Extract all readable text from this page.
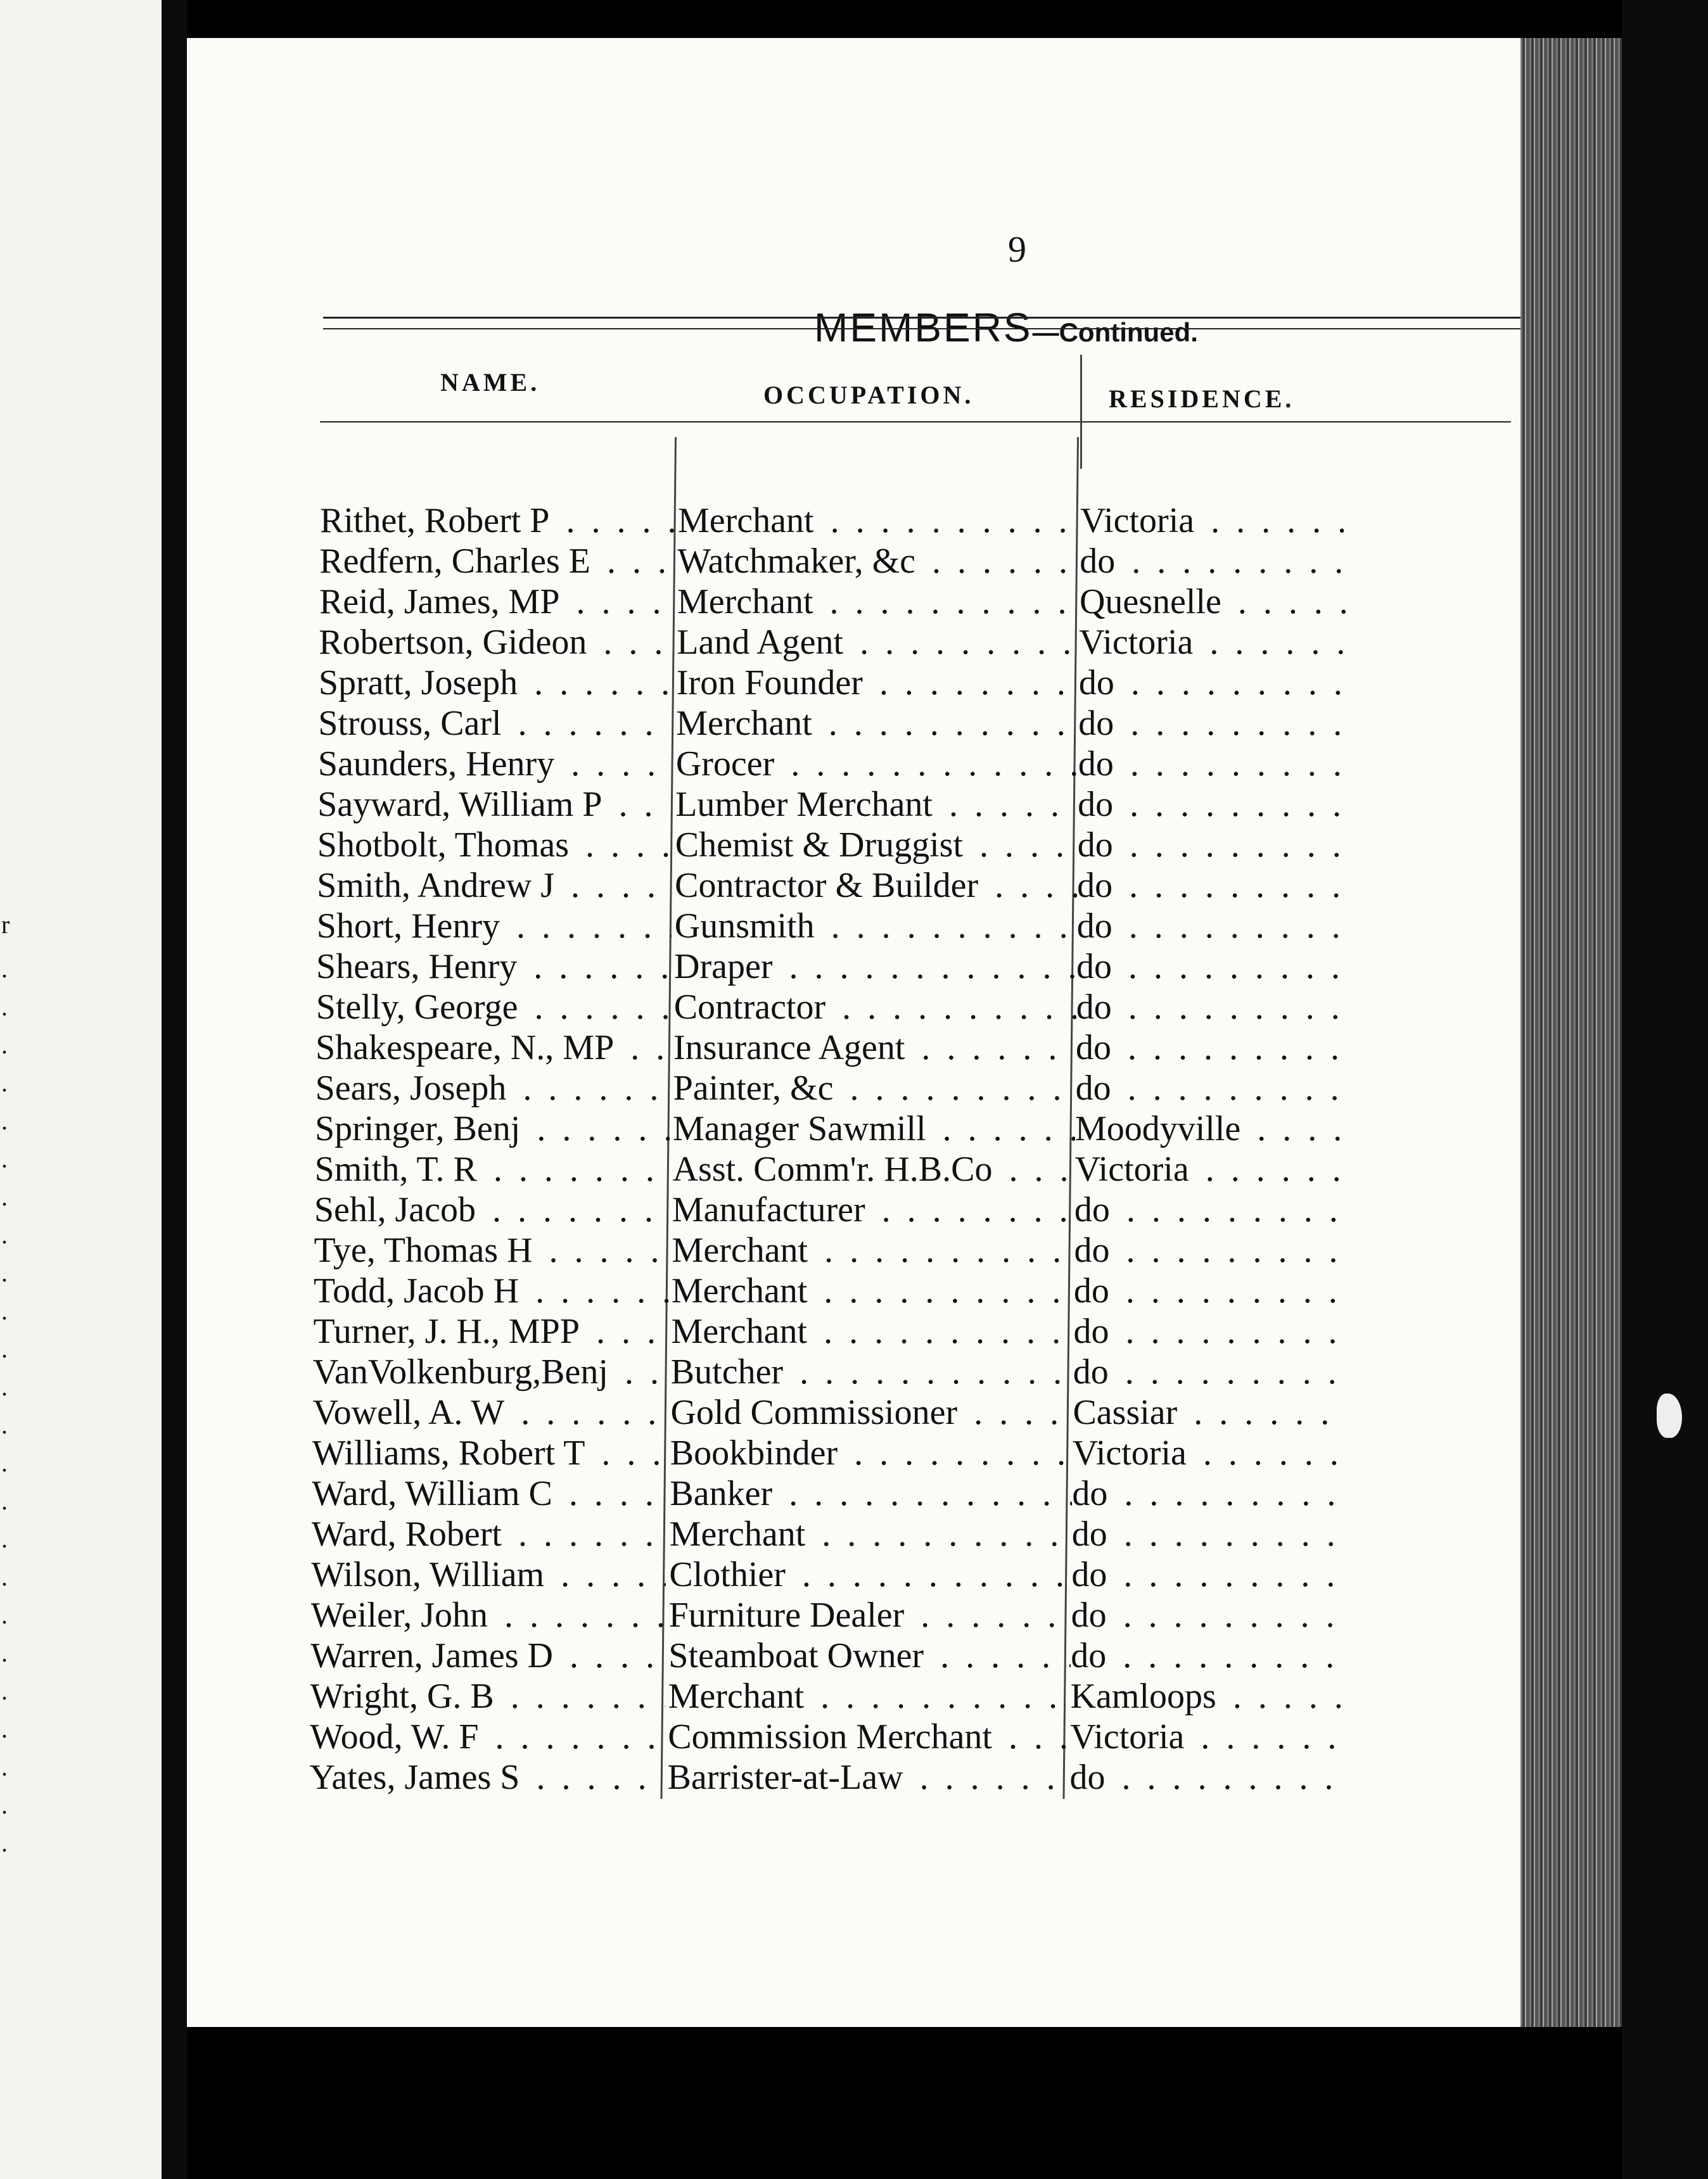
r
.
.
.
.
.
.
.
.
.
.
.
.
.
.
.
.
.
.
.
.
.
.
.
.
9
MEMBERS—Continued.
NAME.	OCCUPATION.	RESIDENCE.
Rithet, Robert P . . .	Merchant . . .	Victoria . . .
Redfern, Charles E . . .	Watchmaker, &c . . .	do . . .
Reid, James, MP . . .	Merchant . . .	Quesnelle . . .
Robertson, Gideon . . .	Land Agent . . .	Victoria . . .
Spratt, Joseph . . .	Iron Founder . . .	do . . .
Strouss, Carl . . .	Merchant . . .	do . . .
Saunders, Henry . . .	Grocer . . .	do . . .
Sayward, William P . . .	Lumber Merchant . . .	do . . .
Shotbolt, Thomas . . .	Chemist & Druggist . . .	do . . .
Smith, Andrew J . . .	Contractor & Builder . . .	do . . .
Short, Henry . . .	Gunsmith . . .	do . . .
Shears, Henry . . .	Draper . . .	do . . .
Stelly, George . . .	Contractor . . .	do . . .
Shakespeare, N., MP . . .	Insurance Agent . . .	do . . .
Sears, Joseph . . .	Painter, &c . . .	do . . .
Springer, Benj . . .	Manager Sawmill . . .	Moodyville . . .
Smith, T. R . . .	Asst. Comm'r. H.B.Co . . .	Victoria . . .
Sehl, Jacob . . .	Manufacturer . . .	do . . .
Tye, Thomas H . . .	Merchant . . .	do . . .
Todd, Jacob H . . .	Merchant . . .	do . . .
Turner, J. H., MPP . . .	Merchant . . .	do . . .
VanVolkenburg,Benj . . .	Butcher . . .	do . . .
Vowell, A. W . . .	Gold Commissioner . . .	Cassiar . . .
Williams, Robert T . . .	Bookbinder . . .	Victoria . . .
Ward, William C . . .	Banker . . .	do . . .
Ward, Robert . . .	Merchant . . .	do . . .
Wilson, William . . .	Clothier . . .	do . . .
Weiler, John . . .	Furniture Dealer . . .	do . . .
Warren, James D . . .	Steamboat Owner . . .	do . . .
Wright, G. B . . .	Merchant . . .	Kamloops . . .
Wood, W. F . . .	Commission Merchant . . .	Victoria . . .
Yates, James S . . .	Barrister-at-Law . . .	do . . .
